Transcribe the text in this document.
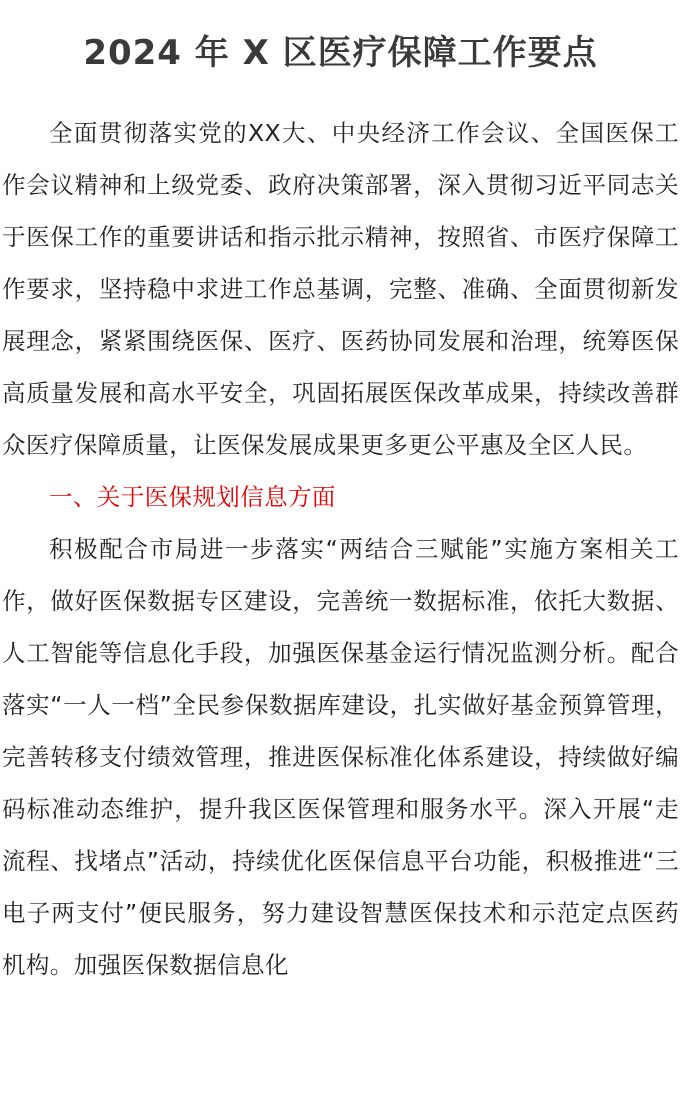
2024 年 X 区医疗保障工作要点

全面贯彻落实党的XX大、中央经济工作会议、全国医保工作会议精神和上级党委、政府决策部署，深入贯彻习近平同志关于医保工作的重要讲话和指示批示精神，按照省、市医疗保障工作要求，坚持稳中求进工作总基调，完整、准确、全面贯彻新发展理念，紧紧围绕医保、医疗、医药协同发展和治理，统筹医保高质量发展和高水平安全，巩固拓展医保改革成果，持续改善群众医疗保障质量，让医保发展成果更多更公平惠及全区人民。

一、关于医保规划信息方面

积极配合市局进一步落实“两结合三赋能”实施方案相关工作，做好医保数据专区建设，完善统一数据标准，依托大数据、人工智能等信息化手段，加强医保基金运行情况监测分析。配合落实“一人一档”全民参保数据库建设，扎实做好基金预算管理，完善转移支付绩效管理，推进医保标准化体系建设，持续做好编码标准动态维护，提升我区医保管理和服务水平。深入开展“走流程、找堵点”活动，持续优化医保信息平台功能，积极推进“三电子两支付”便民服务，努力建设智慧医保技术和示范定点医药机构。加强医保数据信息化
